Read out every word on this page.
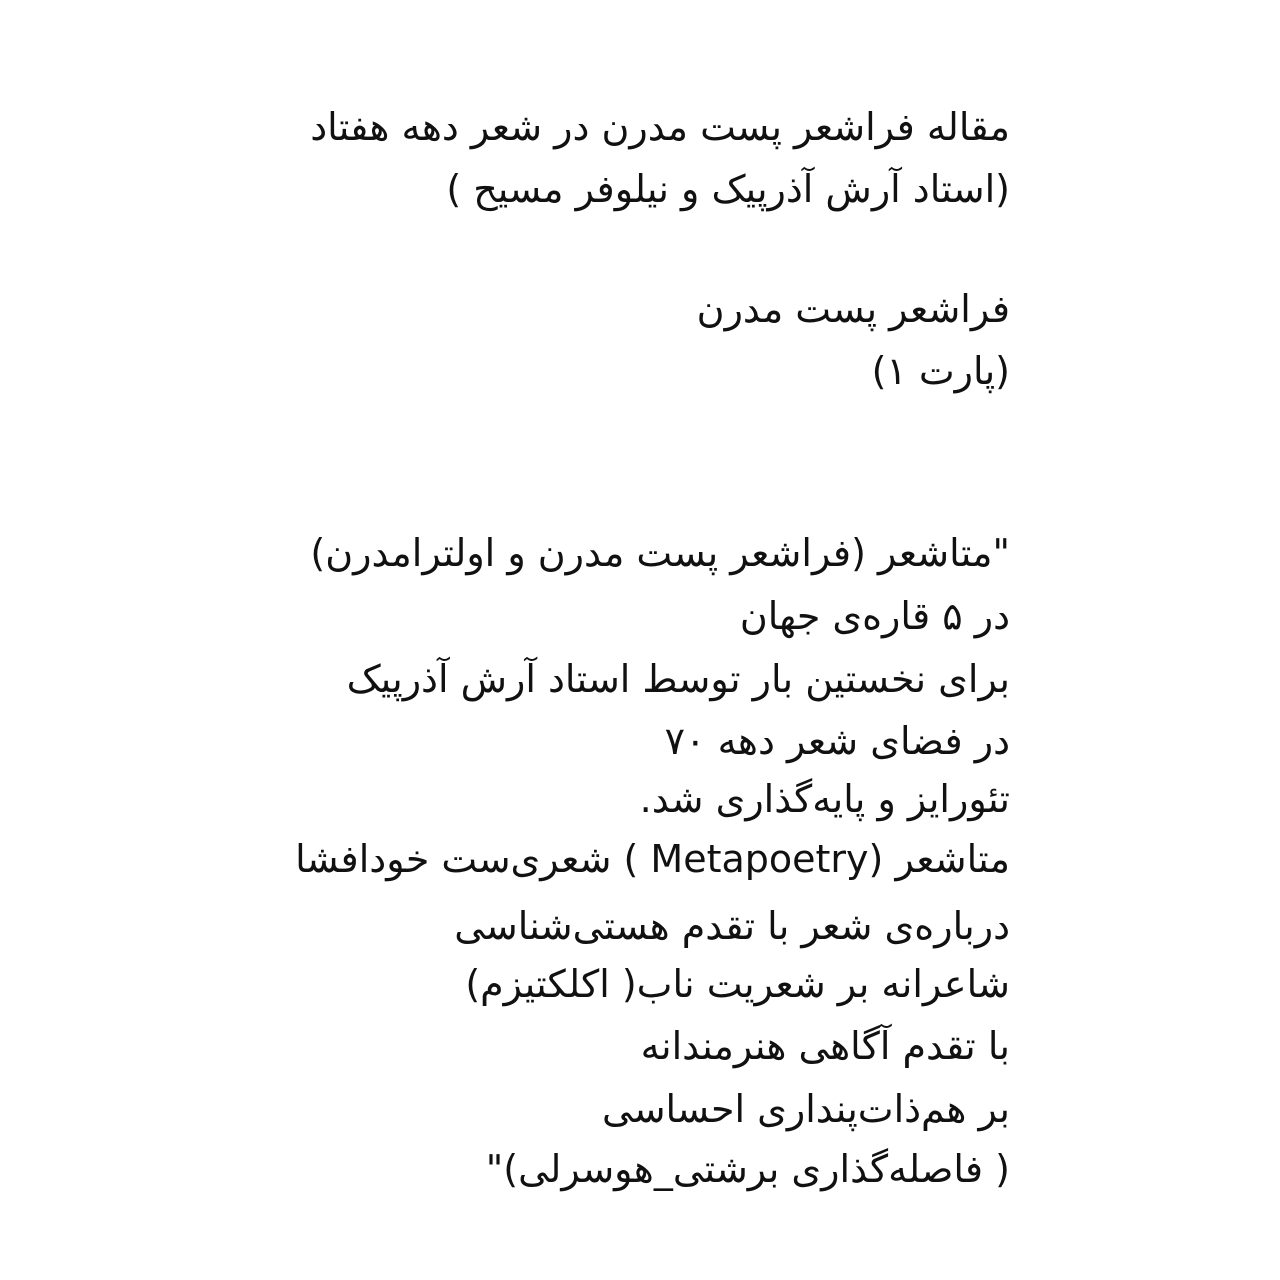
مقاله فراشعر پست مدرن در شعر دهه هفتاد
(استاد آرش آذرپیک و نیلوفر مسیح )
فراشعر پست مدرن
(پارت ۱)
"متاشعر (فراشعر پست مدرن و اولترامدرن)
در ۵ قاره‌ی جهان
برای نخستین بار توسط استاد آرش آذرپیک
در فضای شعر دهه ۷۰
تئورایز و پایه‌گذاری شد.
متاشعر (Metapoetry ) شعری‌ست خودافشا
درباره‌ی شعر با تقدم هستی‌شناسی
شاعرانه بر شعریت ناب( اکلکتیزم)
با تقدم آگاهی هنرمندانه
بر هم‌ذات‌پنداری احساسی
( فاصله‌گذاری برشتی_هوسرلی)"
